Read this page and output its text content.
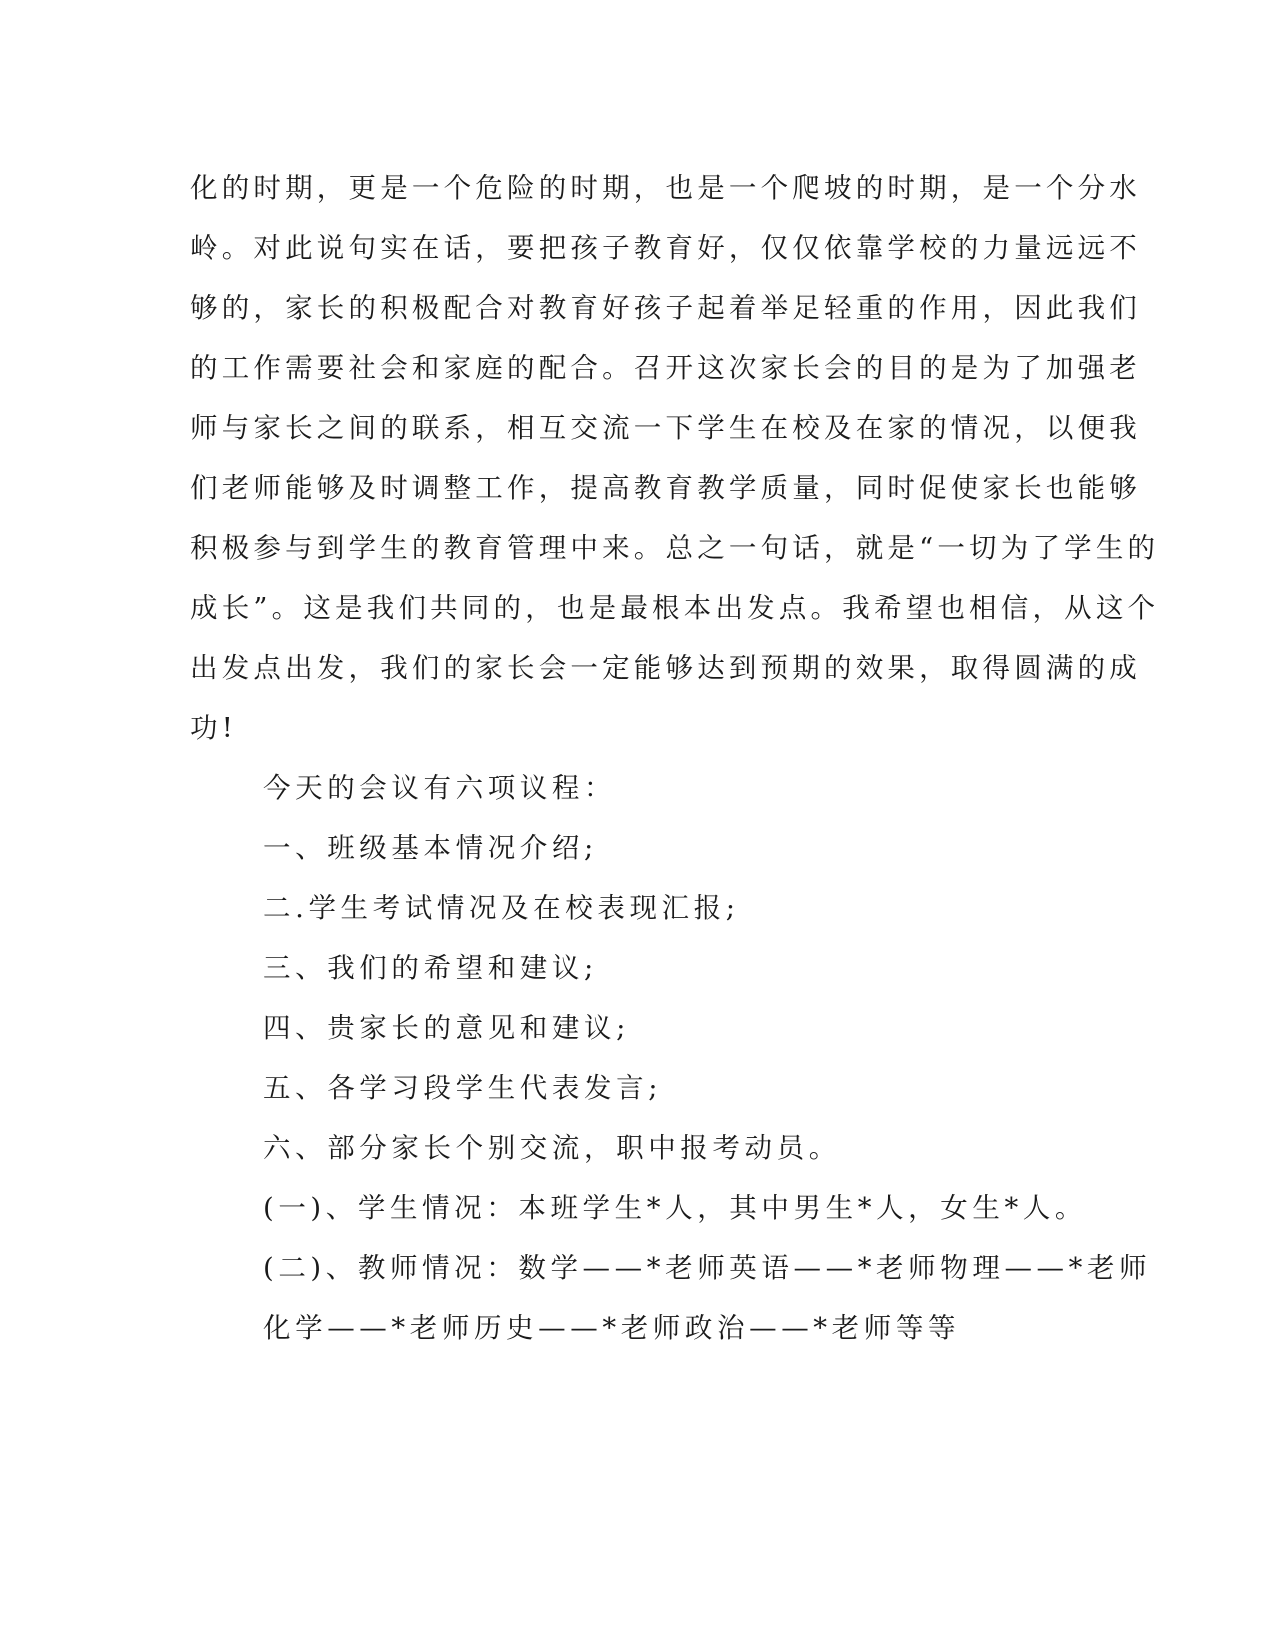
化的时期，更是一个危险的时期，也是一个爬坡的时期，是一个分水
岭。对此说句实在话，要把孩子教育好，仅仅依靠学校的力量远远不
够的，家长的积极配合对教育好孩子起着举足轻重的作用，因此我们
的工作需要社会和家庭的配合。召开这次家长会的目的是为了加强老
师与家长之间的联系，相互交流一下学生在校及在家的情况，以便我
们老师能够及时调整工作，提高教育教学质量，同时促使家长也能够
积极参与到学生的教育管理中来。总之一句话，就是“一切为了学生的
成长”。这是我们共同的，也是最根本出发点。我希望也相信，从这个
出发点出发，我们的家长会一定能够达到预期的效果，取得圆满的成
功!
今天的会议有六项议程：
一、班级基本情况介绍;
二.学生考试情况及在校表现汇报;
三、我们的希望和建议;
四、贵家长的意见和建议;
五、各学习段学生代表发言;
六、部分家长个别交流，职中报考动员。
(一)、学生情况：本班学生*人，其中男生*人，女生*人。
(二)、教师情况：数学——*老师英语——*老师物理——*老师
化学——*老师历史——*老师政治——*老师等等
